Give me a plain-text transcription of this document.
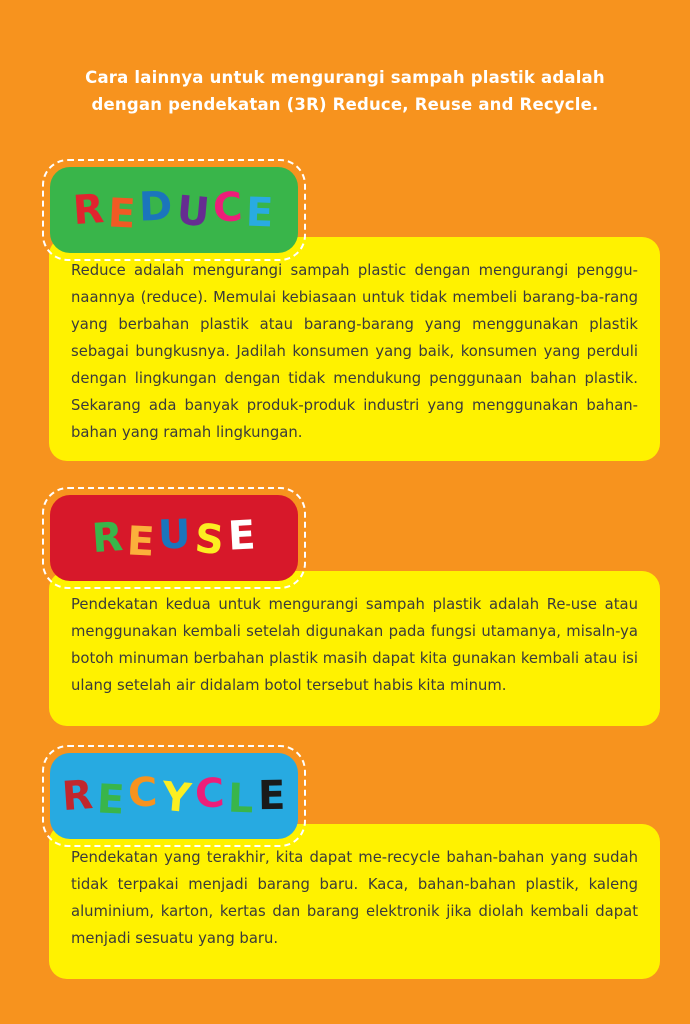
Cara lainnya untuk mengurangi sampah plastik adalah
dengan pendekatan (3R) Reduce, Reuse and Recycle.

Reduce adalah mengurangi sampah plastic dengan mengurangi penggu-naannya (reduce). Memulai kebiasaan untuk tidak membeli barang-ba-rang yang berbahan plastik atau barang-barang yang menggunakan plastik sebagai bungkusnya. Jadilah konsumen yang baik, konsumen yang perduli dengan lingkungan dengan tidak mendukung penggunaan bahan plastik. Sekarang ada banyak produk-produk industri yang menggunakan bahan-bahan yang ramah lingkungan.

R E D U C E

Pendekatan kedua untuk mengurangi sampah plastik adalah Re-use atau menggunakan kembali setelah digunakan pada fungsi utamanya, misaln-ya botoh minuman berbahan plastik masih dapat kita gunakan kembali atau isi ulang setelah air didalam botol tersebut habis kita minum.

R E U S E

Pendekatan yang terakhir, kita dapat me-recycle bahan-bahan yang sudah tidak terpakai menjadi barang baru. Kaca, bahan-bahan plastik, kaleng aluminium, karton, kertas dan barang elektronik jika diolah kembali dapat menjadi sesuatu yang baru.

R E C Y C L E
